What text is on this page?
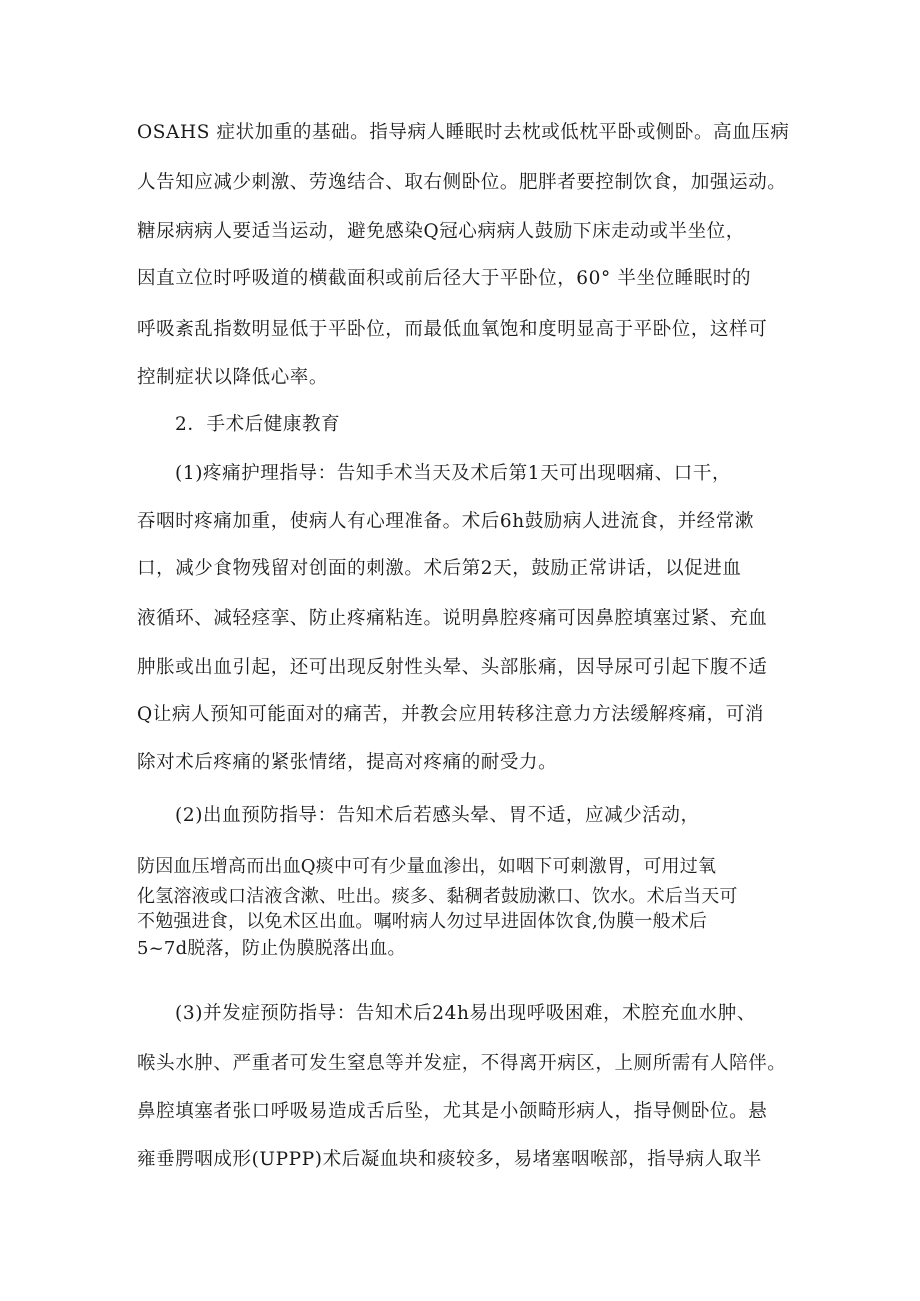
OSAHS 症状加重的基础。指导病人睡眠时去枕或低枕平卧或侧卧。高血压病
人告知应减少刺激、劳逸结合、取右侧卧位。肥胖者要控制饮食，加强运动。
糖尿病病人要适当运动，避免感染Q冠心病病人鼓励下床走动或半坐位，
因直立位时呼吸道的横截面积或前后径大于平卧位，60° 半坐位睡眠时的
呼吸紊乱指数明显低于平卧位，而最低血氧饱和度明显高于平卧位，这样可
控制症状以降低心率。
2．手术后健康教育
(1)疼痛护理指导：告知手术当天及术后第1天可出现咽痛、口干，
吞咽时疼痛加重，使病人有心理准备。术后6h鼓励病人进流食，并经常漱
口，减少食物残留对创面的刺激。术后第2天，鼓励正常讲话，以促进血
液循环、减轻痉挛、防止疼痛粘连。说明鼻腔疼痛可因鼻腔填塞过紧、充血
肿胀或出血引起，还可出现反射性头晕、头部胀痛，因导尿可引起下腹不适
Q让病人预知可能面对的痛苦，并教会应用转移注意力方法缓解疼痛，可消
除对术后疼痛的紧张情绪，提高对疼痛的耐受力。
(2)出血预防指导：告知术后若感头晕、胃不适，应减少活动，
防因血压增高而出血Q痰中可有少量血渗出，如咽下可刺激胃，可用过氧
化氢溶液或口洁液含漱、吐出。痰多、黏稠者鼓励漱口、饮水。术后当天可
不勉强进食，以免术区出血。嘱咐病人勿过早进固体饮食,伪膜一般术后
5~7d脱落，防止伪膜脱落出血。
(3)并发症预防指导：告知术后24h易出现呼吸困难，术腔充血水肿、
喉头水肿、严重者可发生窒息等并发症，不得离开病区，上厕所需有人陪伴。
鼻腔填塞者张口呼吸易造成舌后坠，尤其是小颌畸形病人，指导侧卧位。悬
雍垂腭咽成形(UPPP)术后凝血块和痰较多，易堵塞咽喉部，指导病人取半
